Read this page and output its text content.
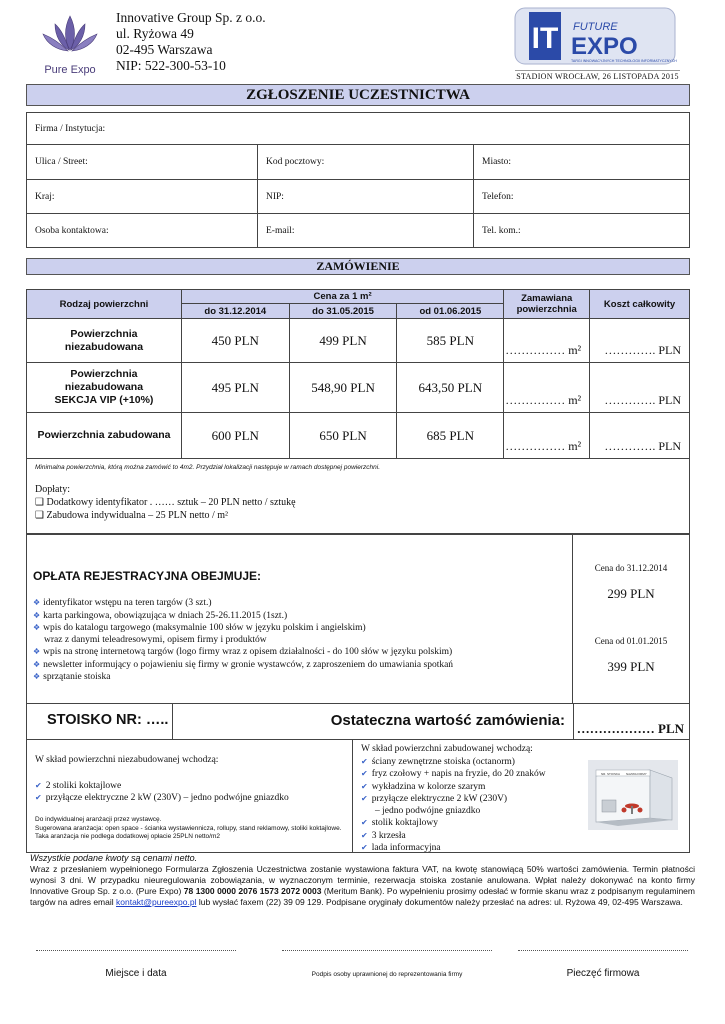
Pure Expo
Innovative Group Sp. z o.o.
ul. Ryżowa 49
02-495 Warszawa
NIP: 522-300-53-10
IT FUTURE
EXPO
TARGI INNOWACYJNYCH TECHNOLOGII INFORMATYCZNYCH
STADION WROCŁAW, 26 LISTOPADA 2015
ZGŁOSZENIE UCZESTNICTWA
Firma / Instytucja:		
Ulica / Street:	Kod pocztowy:	Miasto:
Kraj:	NIP:	Telefon:
Osoba kontaktowa:	E-mail:	Tel. kom.:
ZAMÓWIENIE
Rodzaj powierzchni	Cena za 1 m²			Zamawiana powierzchnia	Koszt całkowity
	do 31.12.2014	do 31.05.2015	od 01.06.2015		
Powierzchnia niezabudowana	450 PLN	499 PLN	585 PLN	…………… m²	…………. PLN
Powierzchnia niezabudowana SEKCJA VIP (+10%)	495 PLN	548,90 PLN	643,50 PLN	…………… m²	…………. PLN
Powierzchnia zabudowana	600 PLN	650 PLN	685 PLN	…………… m²	…………. PLN
Minimalna powierzchnia, którą można zamówić to 4m2. Przydział lokalizacji następuje w ramach dostępnej powierzchni.
Dopłaty:
❑ Dodatkowy identyfikator . …… sztuk – 20 PLN netto / sztukę
❑ Zabudowa indywidualna – 25 PLN netto / m²
OPŁATA REJESTRACYJNA OBEJMUJE:
❖ identyfikator wstępu na teren targów (3 szt.)
❖ karta parkingowa, obowiązująca w dniach 25-26.11.2015 (1szt.)
❖ wpis do katalogu targowego (maksymalnie 100 słów w języku polskim i angielskim)
wraz z danymi teleadresowymi, opisem firmy i produktów
❖ wpis na stronę internetową targów (logo firmy wraz z opisem działalności - do 100 słów w języku polskim)
❖ newsletter informujący o pojawieniu się firmy w gronie wystawców, z zaproszeniem do umawiania spotkań
❖ sprzątanie stoiska
Cena do 31.12.2014
299 PLN
Cena od 01.01.2015
399 PLN
STOISKO NR: …..	Ostateczna wartość zamówienia: ……………… PLN
W skład powierzchni niezabudowanej wchodzą:
✔ 2 stoliki koktajlowe
✔ przyłącze elektryczne 2 kW (230V) – jedno podwójne gniazdko
Do indywidualnej aranżacji przez wystawcę.
Sugerowana aranżacja: open space - ścianka wystawiennicza, rollupy, stand reklamowy, stoliki koktajlowe. Taka aranżacja nie podlega dodatkowej opłacie 25PLN netto/m2
W skład powierzchni zabudowanej wchodzą:
✔ ściany zewnętrzne stoiska (octanorm)
✔ fryz czołowy + napis na fryzie, do 20 znaków
✔ wykładzina w kolorze szarym
✔ przyłącze elektryczne 2 kW (230V)
– jedno podwójne gniazdko
✔ stolik koktajlowy
✔ 3 krzesła
✔ lada informacyjna
NR. STOISKA NAZWA FIRMY
Wszystkie podane kwoty są cenami netto.
Wraz z przesłaniem wypełnionego Formularza Zgłoszenia Uczestnictwa zostanie wystawiona faktura VAT, na kwotę stanowiącą 50% wartości zamówienia. Termin płatności wynosi 3 dni. W przypadku nieuregulowania zobowiązania, w wyznaczonym terminie, rezerwacja stoiska zostanie anulowana. Wpłat należy dokonywać na konto firmy Innovative Group Sp. z o.o. (Pure Expo) 78 1300 0000 2076 1573 2072 0003 (Meritum Bank). Po wypełnieniu prosimy odesłać w formie skanu wraz z podpisanym regulaminem targów na adres email kontakt@pureexpo.pl lub wysłać faxem (22) 39 09 129. Podpisane oryginały dokumentów należy przesłać na adres: ul. Ryżowa 49, 02-495 Warszawa.
Miejsce i data	Podpis osoby uprawnionej do reprezentowania firmy	Pieczęć firmowa
